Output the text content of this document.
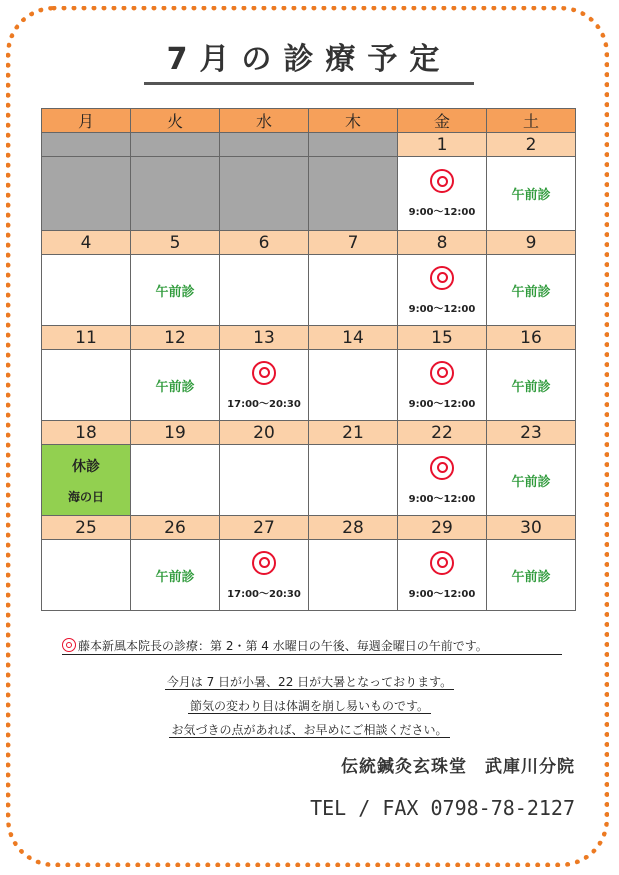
7月の診療予定
月	火	水	木	金	土
				1	2

				9:00～12:00	午前診

4	5	6	7	8	9

	午前診			9:00～12:00	午前診

11	12	13	14	15	16

	午前診	17:00～20:30		9:00～12:00	午前診

18	19	20	21	22	23

休診
海の日				9:00～12:00	午前診

25	26	27	28	29	30

	午前診	17:00～20:30		9:00～12:00	午前診
藤本新風本院長の診療：第 2・第 4 水曜日の午後、毎週金曜日の午前です。
今月は 7 日が小暑、22 日が大暑となっております。
節気の変わり目は体調を崩し易いものです。
お気づきの点があれば、お早めにご相談ください。
伝統鍼灸玄珠堂　武庫川分院
TEL / FAX 0798-78-2127
